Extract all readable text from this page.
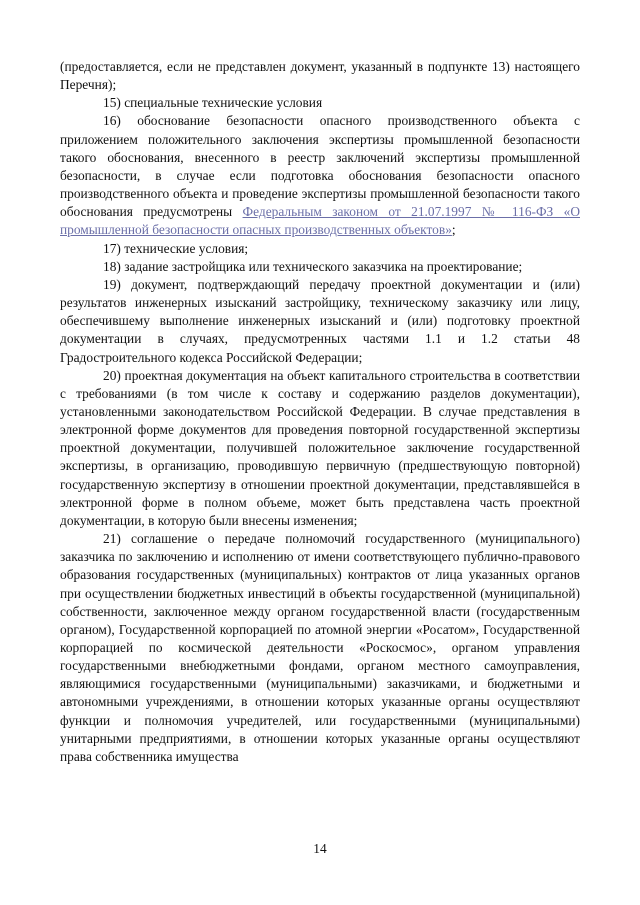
(предоставляется, если не представлен документ, указанный в подпункте 13) настоящего Перечня);

15) специальные технические условия

16) обоснование безопасности опасного производственного объекта с приложением положительного заключения экспертизы промышленной безопасности такого обоснования, внесенного в реестр заключений экспертизы промышленной безопасности, в случае если подготовка обоснования безопасности опасного производственного объекта и проведение экспертизы промышленной безопасности такого обоснования предусмотрены Федеральным законом от 21.07.1997 № 116-ФЗ «О промышленной безопасности опасных производственных объектов»;

17) технические условия;

18) задание застройщика или технического заказчика на проектирование;

19) документ, подтверждающий передачу проектной документации и (или) результатов инженерных изысканий застройщику, техническому заказчику или лицу, обеспечившему выполнение инженерных изысканий и (или) подготовку проектной документации в случаях, предусмотренных частями 1.1 и 1.2 статьи 48 Градостроительного кодекса Российской Федерации;

20) проектная документация на объект капитального строительства в соответствии с требованиями (в том числе к составу и содержанию разделов документации), установленными законодательством Российской Федерации. В случае представления в электронной форме документов для проведения повторной государственной экспертизы проектной документации, получившей положительное заключение государственной экспертизы, в организацию, проводившую первичную (предшествующую повторной) государственную экспертизу в отношении проектной документации, представлявшейся в электронной форме в полном объеме, может быть представлена часть проектной документации, в которую были внесены изменения;

21) соглашение о передаче полномочий государственного (муниципального) заказчика по заключению и исполнению от имени соответствующего публично-правового образования государственных (муниципальных) контрактов от лица указанных органов при осуществлении бюджетных инвестиций в объекты государственной (муниципальной) собственности, заключенное между органом государственной власти (государственным органом), Государственной корпорацией по атомной энергии «Росатом», Государственной корпорацией по космической деятельности «Роскосмос», органом управления государственными внебюджетными фондами, органом местного самоуправления, являющимися государственными (муниципальными) заказчиками, и бюджетными и автономными учреждениями, в отношении которых указанные органы осуществляют функции и полномочия учредителей, или государственными (муниципальными) унитарными предприятиями, в отношении которых указанные органы осуществляют права собственника имущества

14
